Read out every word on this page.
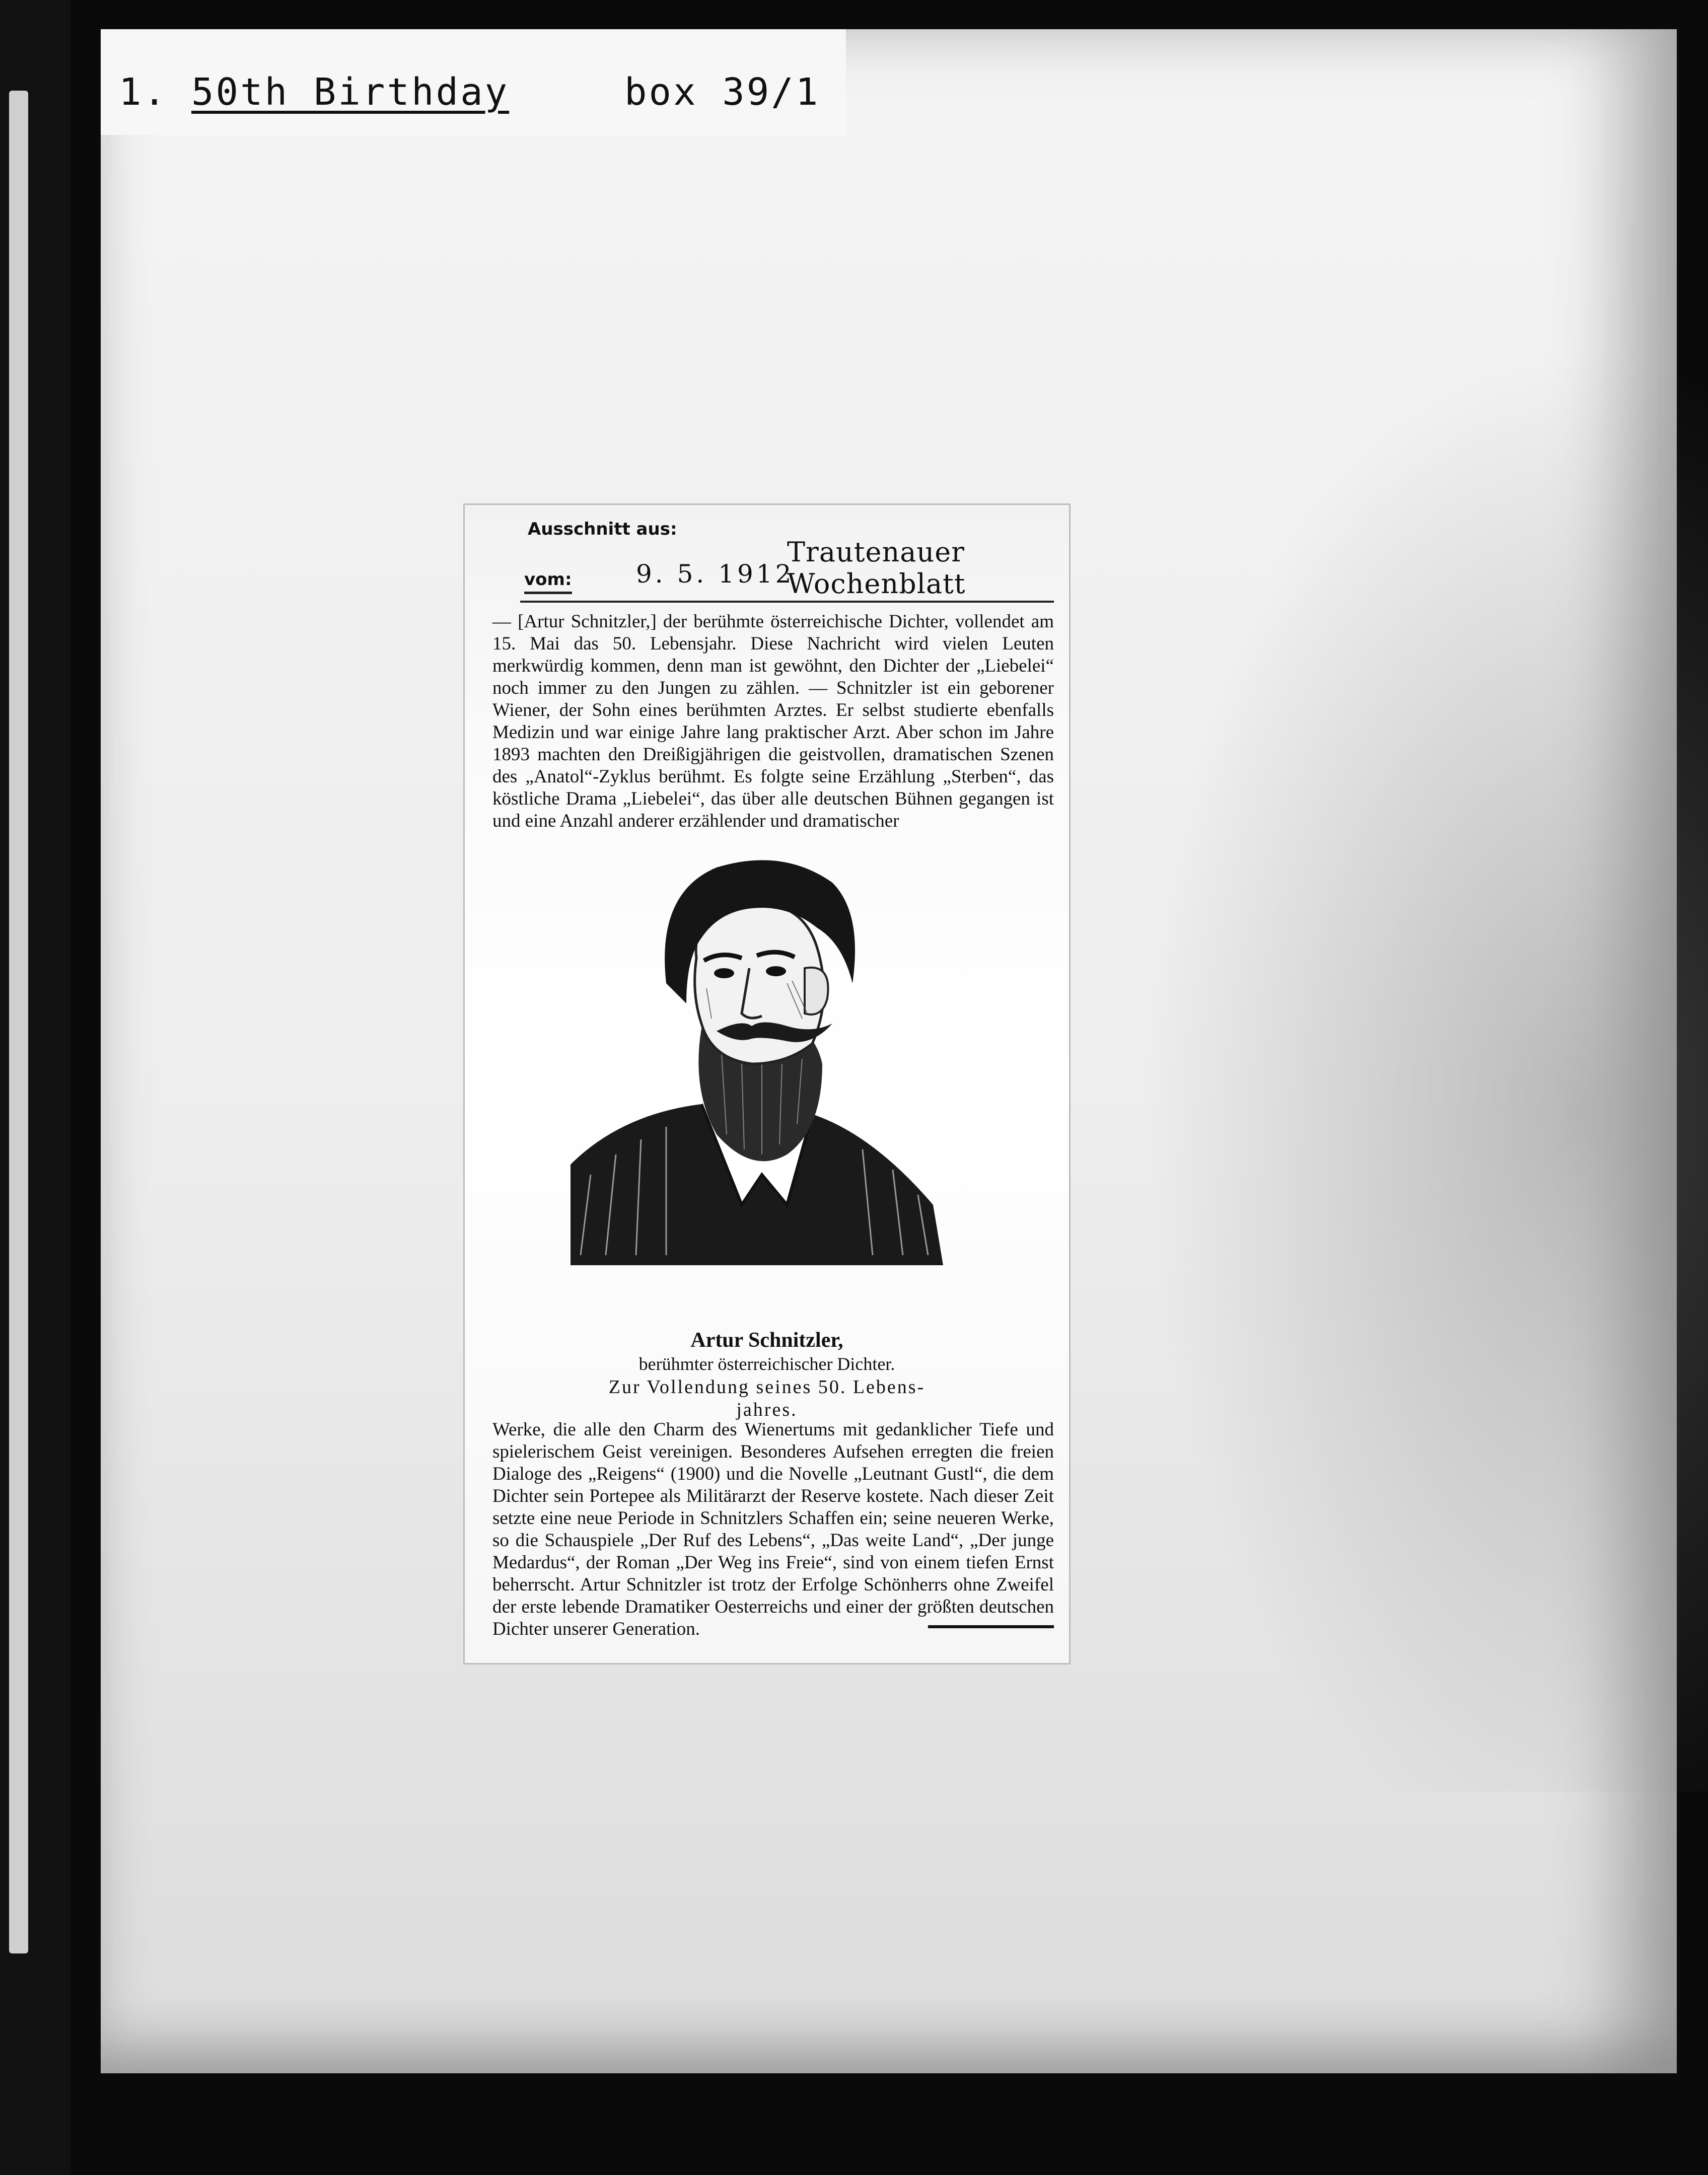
1. 50th Birthday	box 39/1
Ausschnitt aus:
vom:	9. 5. 1912
Trautenauer Wochenblatt

— [Artur Schnitzler,] der berühmte österreichische Dichter, vollendet am 15. Mai das 50. Lebensjahr. Diese Nachricht wird vielen Leuten merkwürdig kommen, denn man ist gewöhnt, den Dichter der „Liebelei“ noch immer zu den Jungen zu zählen. — Schnitzler ist ein geborener Wiener, der Sohn eines berühmten Arztes. Er selbst studierte ebenfalls Medizin und war einige Jahre lang praktischer Arzt. Aber schon im Jahre 1893 machten den Dreißigjährigen die geistvollen, dramatischen Szenen des „Anatol“-Zyklus berühmt. Es folgte seine Erzählung „Sterben“, das köstliche Drama „Liebelei“, das über alle deutschen Bühnen gegangen ist und eine Anzahl anderer erzählender und dramatischer

Artur Schnitzler,
berühmter österreichischer Dichter.
Zur Vollendung seines 50. Lebens-
jahres.

Werke, die alle den Charm des Wienertums mit gedanklicher Tiefe und spielerischem Geist vereinigen. Besonderes Aufsehen erregten die freien Dialoge des „Reigens“ (1900) und die Novelle „Leutnant Gustl“, die dem Dichter sein Portepee als Militärarzt der Reserve kostete. Nach dieser Zeit setzte eine neue Periode in Schnitzlers Schaffen ein; seine neueren Werke, so die Schauspiele „Der Ruf des Lebens“, „Das weite Land“, „Der junge Medardus“, der Roman „Der Weg ins Freie“, sind von einem tiefen Ernst beherrscht. Artur Schnitzler ist trotz der Erfolge Schönherrs ohne Zweifel der erste lebende Dramatiker Oesterreichs und einer der größten deutschen Dichter unserer Generation.
